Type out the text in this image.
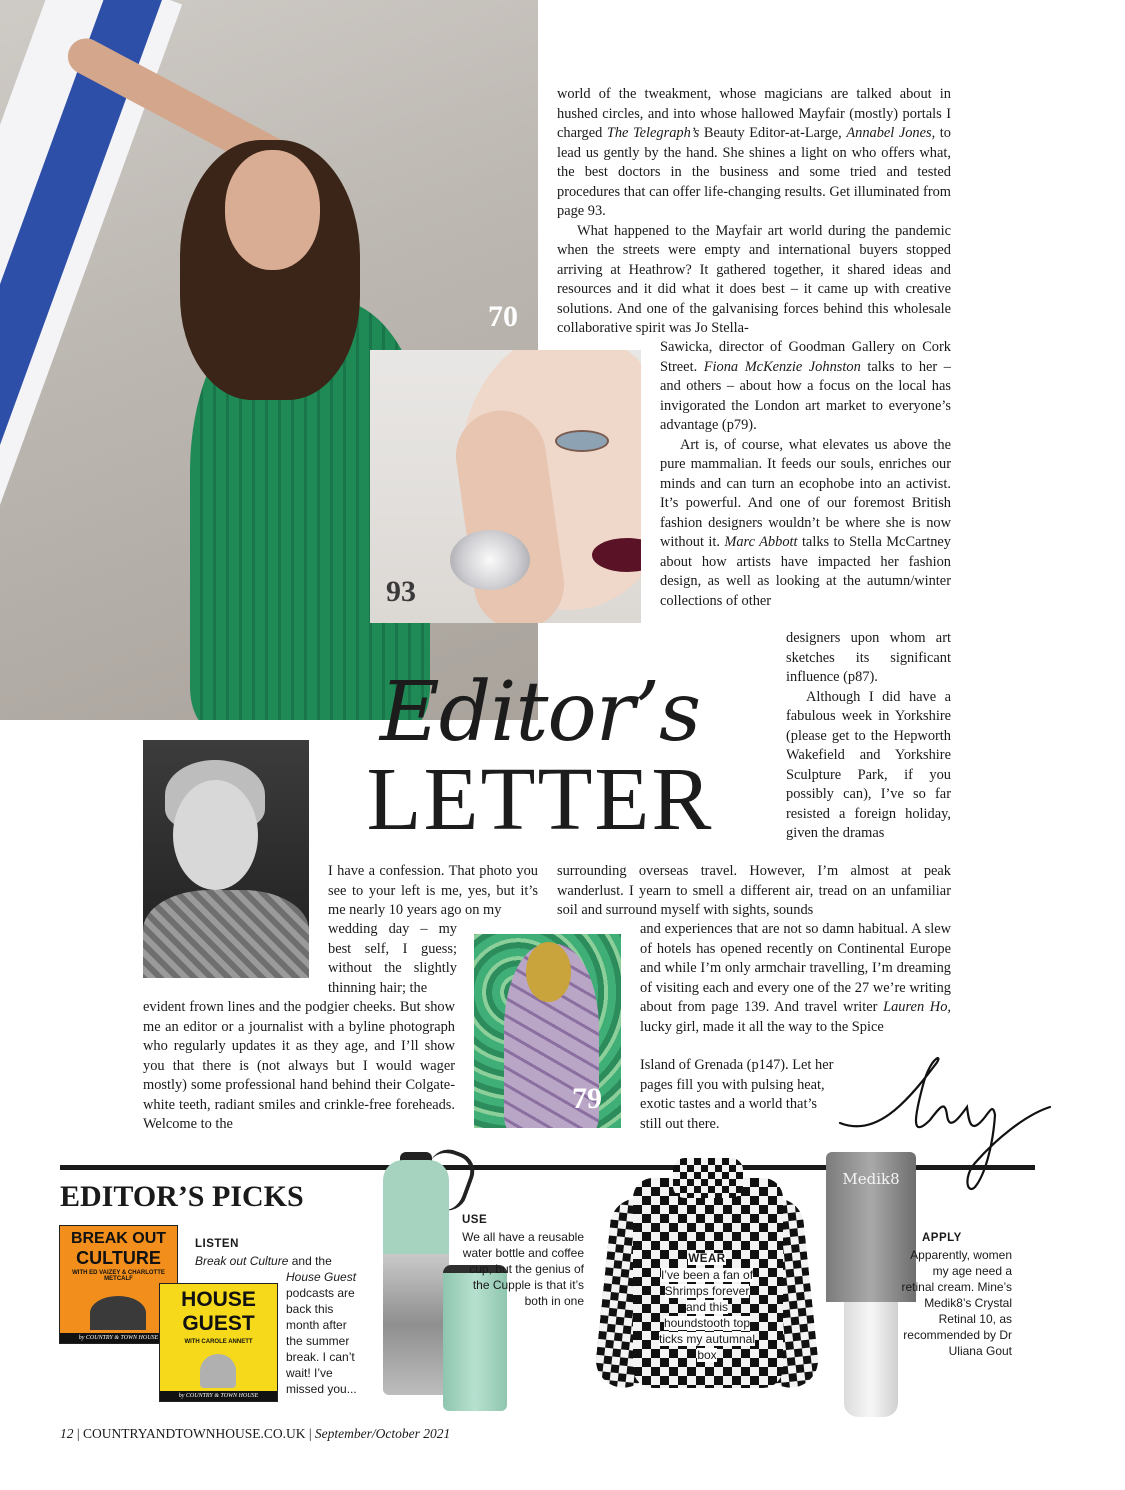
70

world of the tweakment, whose magicians are talked about in hushed circles, and into whose hallowed Mayfair (mostly) portals I charged The Telegraph’s Beauty Editor-at-Large, Annabel Jones, to lead us gently by the hand. She shines a light on who offers what, the best doctors in the business and some tried and tested procedures that can offer life-changing results. Get illuminated from page 93.

What happened to the Mayfair art world during the pandemic when the streets were empty and international buyers stopped arriving at Heathrow? It gathered together, it shared ideas and resources and it did what it does best – it came up with creative solutions. And one of the galvanising forces behind this wholesale collaborative spirit was Jo Stella-

93

Sawicka, director of Goodman Gallery on Cork Street. Fiona McKenzie Johnston talks to her – and others – about how a focus on the local has invigorated the London art market to everyone’s advantage (p79).

Art is, of course, what elevates us above the pure mammalian. It feeds our souls, enriches our minds and can turn an ecophobe into an activist. It’s powerful. And one of our foremost British fashion designers wouldn’t be where she is now without it. Marc Abbott talks to Stella McCartney about how artists have impacted her fashion design, as well as looking at the autumn/winter collections of other

designers upon whom art sketches its significant influence (p87).

Although I did have a fabulous week in Yorkshire (please get to the Hepworth Wakefield and Yorkshire Sculpture Park, if you possibly can), I’ve so far resisted a foreign holiday, given the dramas

Editor’s
LETTER

I have a confession. That photo you see to your left is me, yes, but it’s me nearly 10 years ago on my

wedding day – my best self, I guess; without the slightly thinning hair; the

evident frown lines and the podgier cheeks. But show me an editor or a journalist with a byline photograph who regularly updates it as they age, and I’ll show you that there is (not always but I would wager mostly) some professional hand behind their Colgate-white teeth, radiant smiles and crinkle-free foreheads. Welcome to the

surrounding overseas travel. However, I’m almost at peak wanderlust. I yearn to smell a different air, tread on an unfamiliar soil and surround myself with sights, sounds

and experiences that are not so damn habitual. A slew of hotels has opened recently on Continental Europe and while I’m only armchair travelling, I’m dreaming of visiting each and every one of the 27 we’re writing about from page 139. And travel writer Lauren Ho, lucky girl, made it all the way to the Spice

Island of Grenada (p147). Let her pages fill you with pulsing heat, exotic tastes and a world that’s still out there.

79
EDITOR’S PICKS
BREAK OUT
CULTURE
WITH ED VAIZEY & CHARLOTTE METCALF
by COUNTRY & TOWN HOUSE
HOUSE
GUEST
WITH CAROLE ANNETT
by COUNTRY & TOWN HOUSE
LISTEN
Break out Culture and the
House Guest podcasts are back this month after the summer break. I can’t wait! I’ve missed you...
USE
We all have a reusable water bottle and coffee cup, but the genius of the Cupple is that it’s both in one
WEAR
I’ve been a fan of Shrimps forever and this houndstooth top ticks my autumnal box
Medik8
APPLY
Apparently, women my age need a retinal cream. Mine’s Medik8’s Crystal Retinal 10, as recommended by Dr Uliana Gout
12 | COUNTRYANDTOWNHOUSE.CO.UK | September/October 2021
